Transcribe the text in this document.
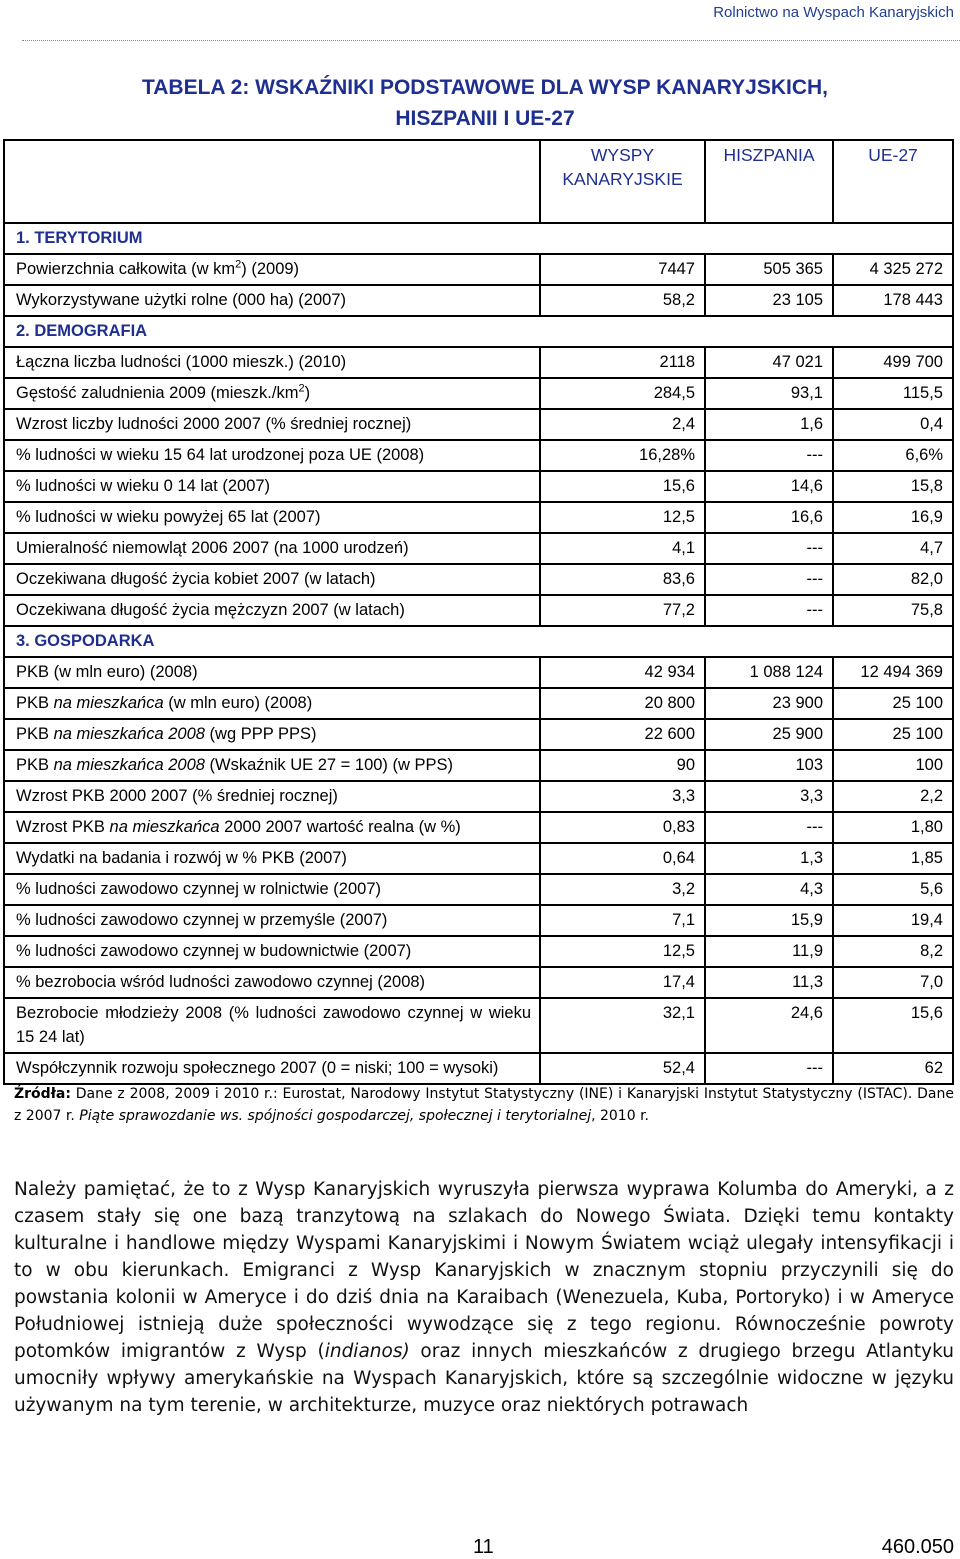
Rolnictwo na Wyspach Kanaryjskich
TABELA 2: WSKAŹNIKI PODSTAWOWE DLA WYSP KANARYJSKICH,
HISZPANII I UE-27
	WYSPY KANARYJSKIE	HISZPANIA	UE-27
1. TERYTORIUM			
Powierzchnia całkowita (w $km^2$) (2009)	7447	505 365	4 325 272
Wykorzystywane użytki rolne (000 ha) (2007)	58,2	23 105	178 443
2. DEMOGRAFIA			
Łączna liczba ludności (1000 mieszk.) (2010)	2118	47 021	499 700
Gęstość zaludnienia 2009 $(mieszk./km^2)$	284,5	93,1	115,5
Wzrost liczby ludności 2000 2007 (% średniej rocznej)	2,4	1,6	0,4
% ludności w wieku 15 64 lat urodzonej poza UE (2008)	16,28%	---	6,6%
% ludności w wieku 0 14 lat (2007)	15,6	14,6	15,8
% ludności w wieku powyżej 65 lat (2007)	12,5	16,6	16,9
Umieralność niemowląt 2006 2007 (na 1000 urodzeń)	4,1	---	4,7
Oczekiwana długość życia kobiet 2007 (w latach)	83,6	---	82,0
Oczekiwana długość życia mężczyzn 2007 (w latach)	77,2	---	75,8
3. GOSPODARKA			
PKB (w mln euro) (2008)	42 934	1 088 124	12 494 369
PKB na mieszkańca (w mln euro) (2008)	20 800	23 900	25 100
PKB na mieszkańca 2008 (wg PPP PPS)	22 600	25 900	25 100
PKB na mieszkańca 2008 (Wskaźnik UE 27 = 100) (w PPS)	90	103	100
Wzrost PKB 2000 2007 (% średniej rocznej)	3,3	3,3	2,2
Wzrost PKB na mieszkańca 2000 2007 wartość realna (w %)	0,83	---	1,80
Wydatki na badania i rozwój w % PKB (2007)	0,64	1,3	1,85
% ludności zawodowo czynnej w rolnictwie (2007)	3,2	4,3	5,6
% ludności zawodowo czynnej w przemyśle (2007)	7,1	15,9	19,4
% ludności zawodowo czynnej w budownictwie (2007)	12,5	11,9	8,2
% bezrobocia wśród ludności zawodowo czynnej (2008)	17,4	11,3	7,0
Bezrobocie młodzieży 2008 (% ludności zawodowo czynnej w wieku 15 24 lat)	32,1	24,6	15,6
Współczynnik rozwoju społecznego 2007 (0 = niski; 100 = wysoki)	52,4	---	62
Źródła: Dane z 2008, 2009 i 2010 r.: Eurostat, Narodowy Instytut Statystyczny (INE) i Kanaryjski Instytut Statystyczny (ISTAC). Dane z 2007 r. Piąte sprawozdanie ws. spójności gospodarczej, społecznej i terytorialnej, 2010 r.
Należy pamiętać, że to z Wysp Kanaryjskich wyruszyła pierwsza wyprawa Kolumba do Ameryki, a z czasem stały się one bazą tranzytową na szlakach do Nowego Świata. Dzięki temu kontakty kulturalne i handlowe między Wyspami Kanaryjskimi i Nowym Światem wciąż ulegały intensyfikacji i to w obu kierunkach. Emigranci z Wysp Kanaryjskich w znacznym stopniu przyczynili się do powstania kolonii w Ameryce i do dziś dnia na Karaibach (Wenezuela, Kuba, Portoryko) i w Ameryce Południowej istnieją duże społeczności wywodzące się z tego regionu. Równocześnie powroty potomków imigrantów z Wysp (indianos) oraz innych mieszkańców z drugiego brzegu Atlantyku umocniły wpływy amerykańskie na Wyspach Kanaryjskich, które są szczególnie widoczne w języku używanym na tym terenie, w architekturze, muzyce oraz niektórych potrawach
11	460.050
